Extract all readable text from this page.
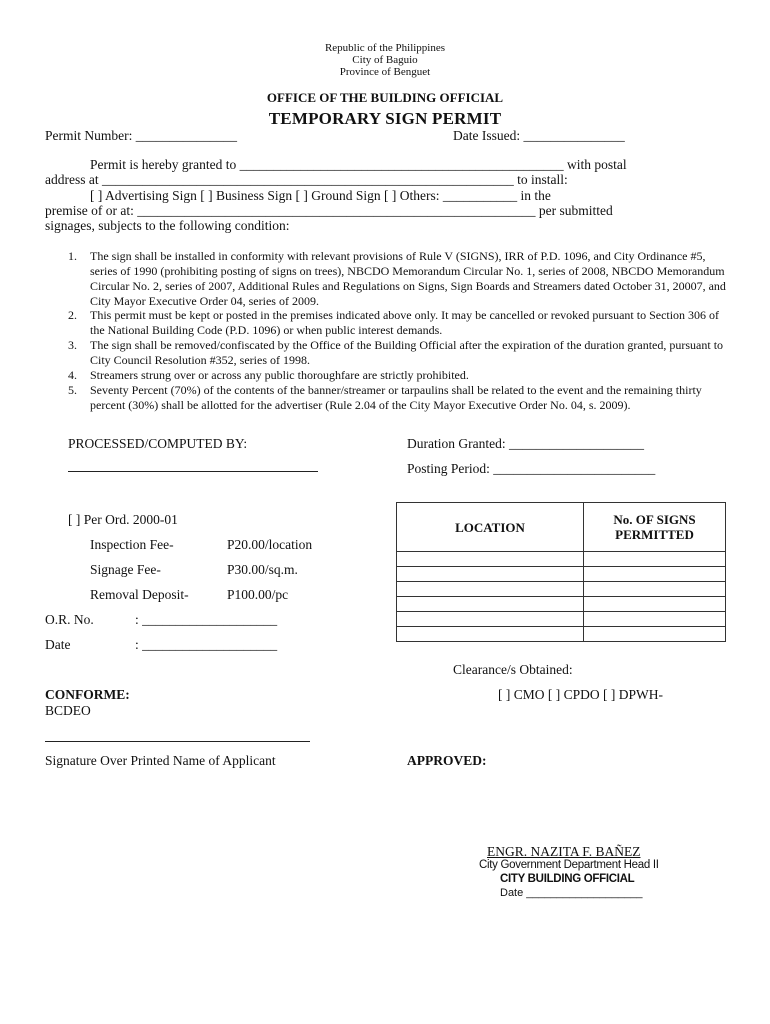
Republic of the Philippines
City of Baguio
Province of Benguet
OFFICE OF THE BUILDING OFFICIAL
TEMPORARY SIGN PERMIT
Permit Number: _______________	Date Issued: _______________
Permit is hereby granted to ________________________________________________ with postal
address at _____________________________________________________________ to install:
[ ] Advertising Sign [ ] Business Sign [ ] Ground Sign [ ] Others: ___________ in the
premise of or at: ___________________________________________________________ per submitted
signages, subjects to the following condition:
1. The sign shall be installed in conformity with relevant provisions of Rule V (SIGNS), IRR of P.D. 1096, and City Ordinance #5, series of 1990 (prohibiting posting of signs on trees), NBCDO Memorandum Circular No. 1, series of 2008, NBCDO Memorandum Circular No. 2, series of 2007, Additional Rules and Regulations on Signs, Sign Boards and Streamers dated October 31, 20007, and City Mayor Executive Order 04, series of 2009.
2. This permit must be kept or posted in the premises indicated above only. It may be cancelled or revoked pursuant to Section 306 of the National Building Code (P.D. 1096) or when public interest demands.
3. The sign shall be removed/confiscated by the Office of the Building Official after the expiration of the duration granted, pursuant to City Council Resolution #352, series of 1998.
4. Streamers strung over or across any public thoroughfare are strictly prohibited.
5. Seventy Percent (70%) of the contents of the banner/streamer or tarpaulins shall be related to the event and the remaining thirty percent (30%) shall be allotted for the advertiser (Rule 2.04 of the City Mayor Executive Order No. 04, s. 2009).
PROCESSED/COMPUTED BY:	Duration Granted: ____________________
Posting Period: ________________________
[ ] Per Ord. 2000-01
Inspection Fee-	P20.00/location
Signage Fee-	P30.00/sq.m.
Removal Deposit-	P100.00/pc
O.R. No.	: ____________________
Date	: ____________________
LOCATION	No. OF SIGNS
PERMITTED

Clearance/s Obtained:
[ ] CMO [ ] CPDO [ ] DPWH-
CONFORME:
BCDEO
Signature Over Printed Name of Applicant	APPROVED:
ENGR. NAZITA F. BAÑEZ
City Government Department Head II
CITY BUILDING OFFICIAL
Date ___________________
